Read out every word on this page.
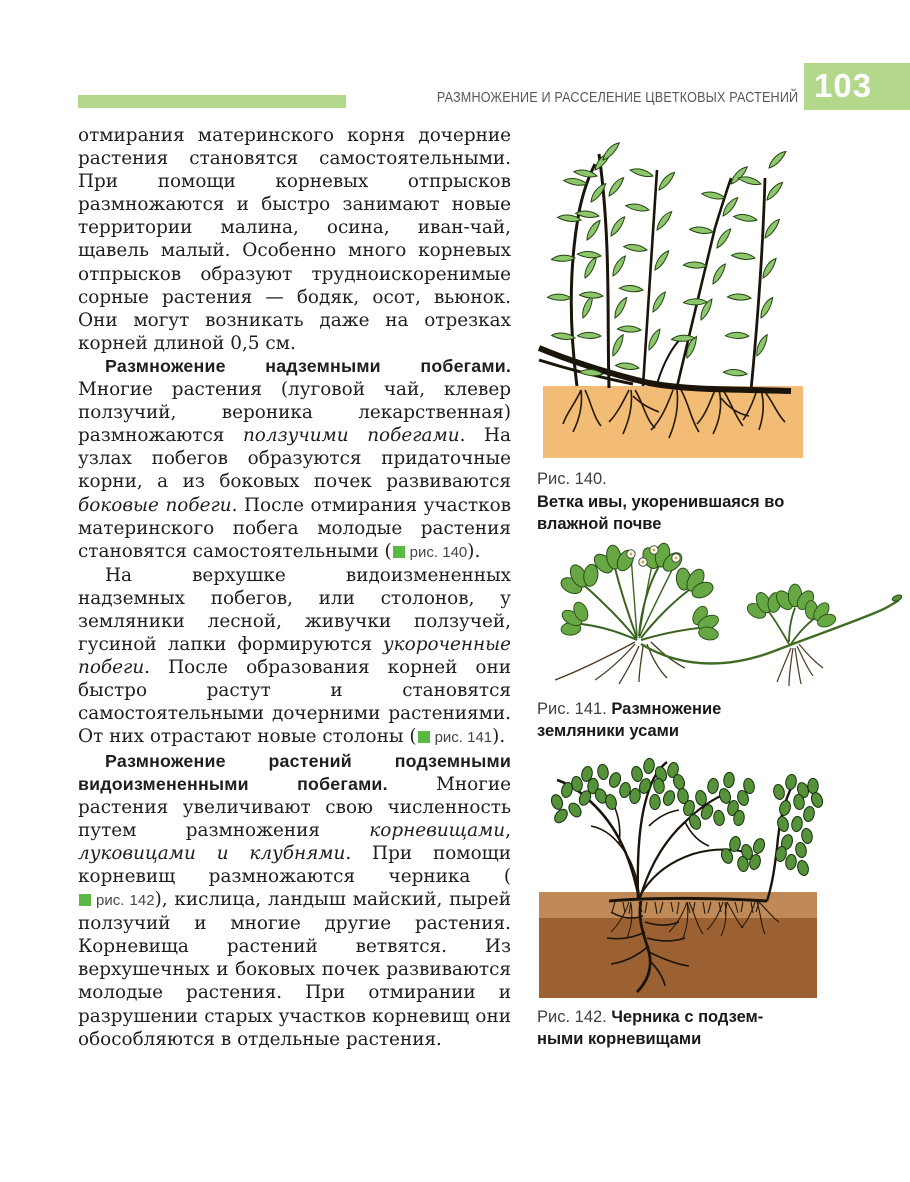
РАЗМНОЖЕНИЕ И РАССЕЛЕНИЕ ЦВЕТКОВЫХ РАСТЕНИЙ 103

отмирания материнского корня дочерние растения становятся самостоятельными. При помощи корневых отпрысков размножаются и быстро занимают новые территории малина, осина, иван-чай, щавель малый. Особенно много корневых отпрысков образуют трудноискоренимые сорные растения — бодяк, осот, вьюнок. Они могут возникать даже на отрезках корней длиной 0,5 см.

Размножение надземными побегами. Многие растения (луговой чай, клевер ползучий, вероника лекарственная) размножаются ползучими побегами. На узлах побегов образуются придаточные корни, а из боковых почек развиваются боковые побеги. После отмирания участков материнского побега молодые растения становятся самостоятельными ( рис. 140).

На верхушке видоизмененных надземных побегов, или столонов, у земляники лесной, живучки ползучей, гусиной лапки формируются укороченные побеги. После образования корней они быстро растут и становятся самостоятельными дочерними растениями. От них отрастают новые столоны ( рис. 141).

Размножение растений подземными видоизмененными побегами. Многие растения увеличивают свою численность путем размножения корневищами, луковицами и клубнями. При помощи корневищ размножаются черника (рис. 142), кислица, ландыш майский, пырей ползучий и многие другие растения. Корневища растений ветвятся. Из верхушечных и боковых почек развиваются молодые растения. При отмирании и разрушении старых участков корневищ они обособляются в отдельные растения.

Рис. 140.
Ветка ивы, укоренившаяся во влажной почве
Рис. 141. Размножение земляники усами
Рис. 142. Черника с подземными корневищами
